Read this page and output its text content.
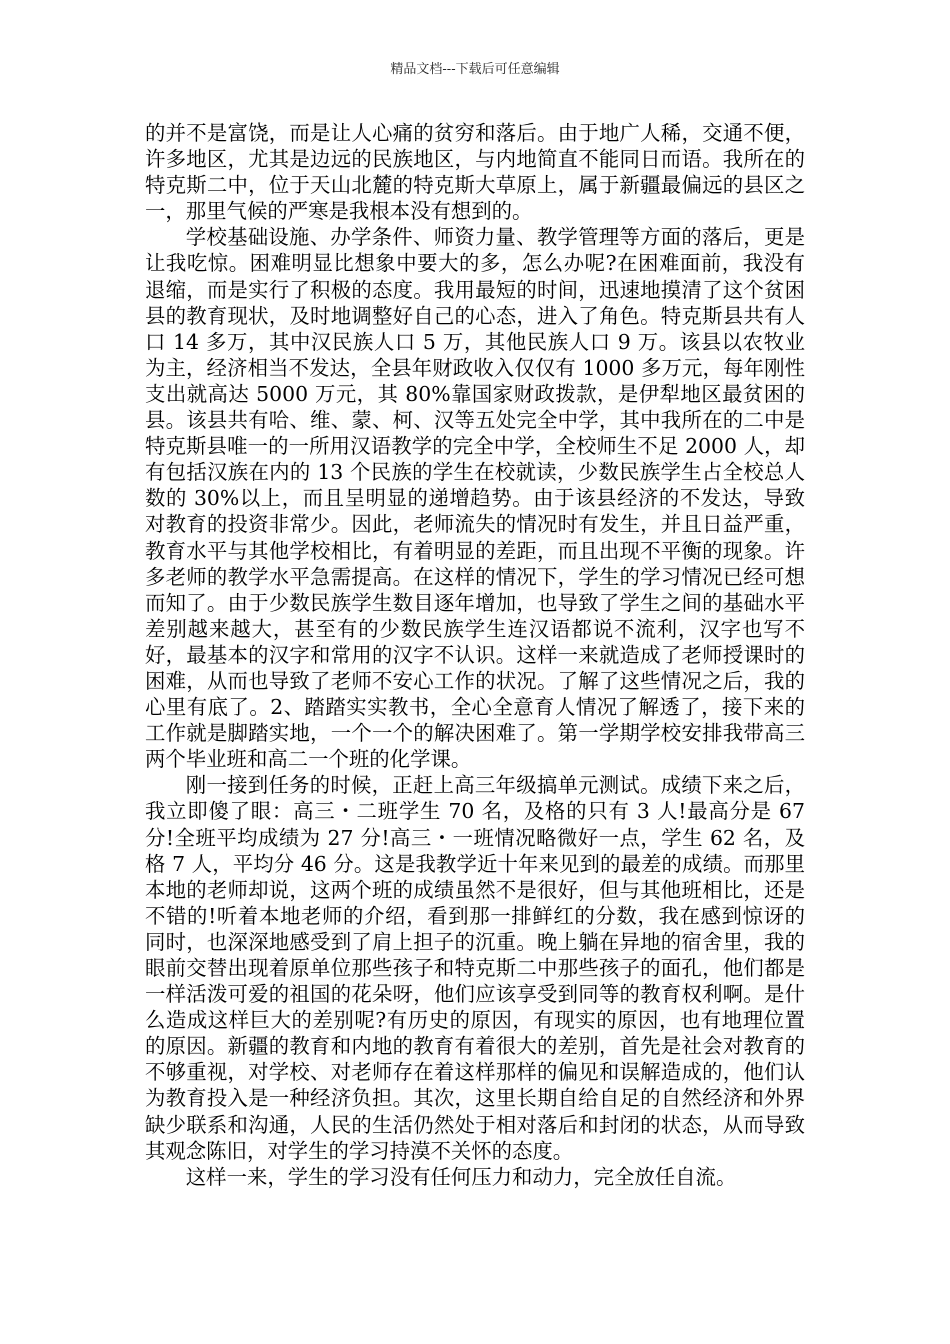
精品文档---下载后可任意编辑

的并不是富饶，而是让人心痛的贫穷和落后。由于地广人稀，交通不便，许多地区，尤其是边远的民族地区，与内地简直不能同日而语。我所在的特克斯二中，位于天山北麓的特克斯大草原上，属于新疆最偏远的县区之一，那里气候的严寒是我根本没有想到的。

学校基础设施、办学条件、师资力量、教学管理等方面的落后，更是让我吃惊。困难明显比想象中要大的多，怎么办呢?在困难面前，我没有退缩，而是实行了积极的态度。我用最短的时间，迅速地摸清了这个贫困县的教育现状，及时地调整好自己的心态，进入了角色。特克斯县共有人口 14 多万，其中汉民族人口 5 万，其他民族人口 9 万。该县以农牧业为主，经济相当不发达，全县年财政收入仅仅有 1000 多万元，每年刚性支出就高达 5000 万元，其 80%靠国家财政拨款，是伊犁地区最贫困的县。该县共有哈、维、蒙、柯、汉等五处完全中学，其中我所在的二中是特克斯县唯一的一所用汉语教学的完全中学，全校师生不足 2000 人，却有包括汉族在内的 13 个民族的学生在校就读，少数民族学生占全校总人数的 30%以上，而且呈明显的递增趋势。由于该县经济的不发达，导致对教育的投资非常少。因此，老师流失的情况时有发生，并且日益严重，教育水平与其他学校相比，有着明显的差距，而且出现不平衡的现象。许多老师的教学水平急需提高。在这样的情况下，学生的学习情况已经可想而知了。由于少数民族学生数目逐年增加，也导致了学生之间的基础水平差别越来越大，甚至有的少数民族学生连汉语都说不流利，汉字也写不好，最基本的汉字和常用的汉字不认识。这样一来就造成了老师授课时的困难，从而也导致了老师不安心工作的状况。了解了这些情况之后，我的心里有底了。2、踏踏实实教书，全心全意育人情况了解透了，接下来的工作就是脚踏实地，一个一个的解决困难了。第一学期学校安排我带高三两个毕业班和高二一个班的化学课。

刚一接到任务的时候，正赶上高三年级搞单元测试。成绩下来之后，我立即傻了眼：高三・二班学生 70 名，及格的只有 3 人!最高分是 67 分!全班平均成绩为 27 分!高三・一班情况略微好一点，学生 62 名，及格 7 人，平均分 46 分。这是我教学近十年来见到的最差的成绩。而那里本地的老师却说，这两个班的成绩虽然不是很好，但与其他班相比，还是不错的!听着本地老师的介绍，看到那一排鲜红的分数，我在感到惊讶的同时，也深深地感受到了肩上担子的沉重。晚上躺在异地的宿舍里，我的眼前交替出现着原单位那些孩子和特克斯二中那些孩子的面孔，他们都是一样活泼可爱的祖国的花朵呀，他们应该享受到同等的教育权利啊。是什么造成这样巨大的差别呢?有历史的原因，有现实的原因，也有地理位置的原因。新疆的教育和内地的教育有着很大的差别，首先是社会对教育的不够重视，对学校、对老师存在着这样那样的偏见和误解造成的，他们认为教育投入是一种经济负担。其次，这里长期自给自足的自然经济和外界缺少联系和沟通，人民的生活仍然处于相对落后和封闭的状态，从而导致其观念陈旧，对学生的学习持漠不关怀的态度。

这样一来，学生的学习没有任何压力和动力，完全放任自流。
